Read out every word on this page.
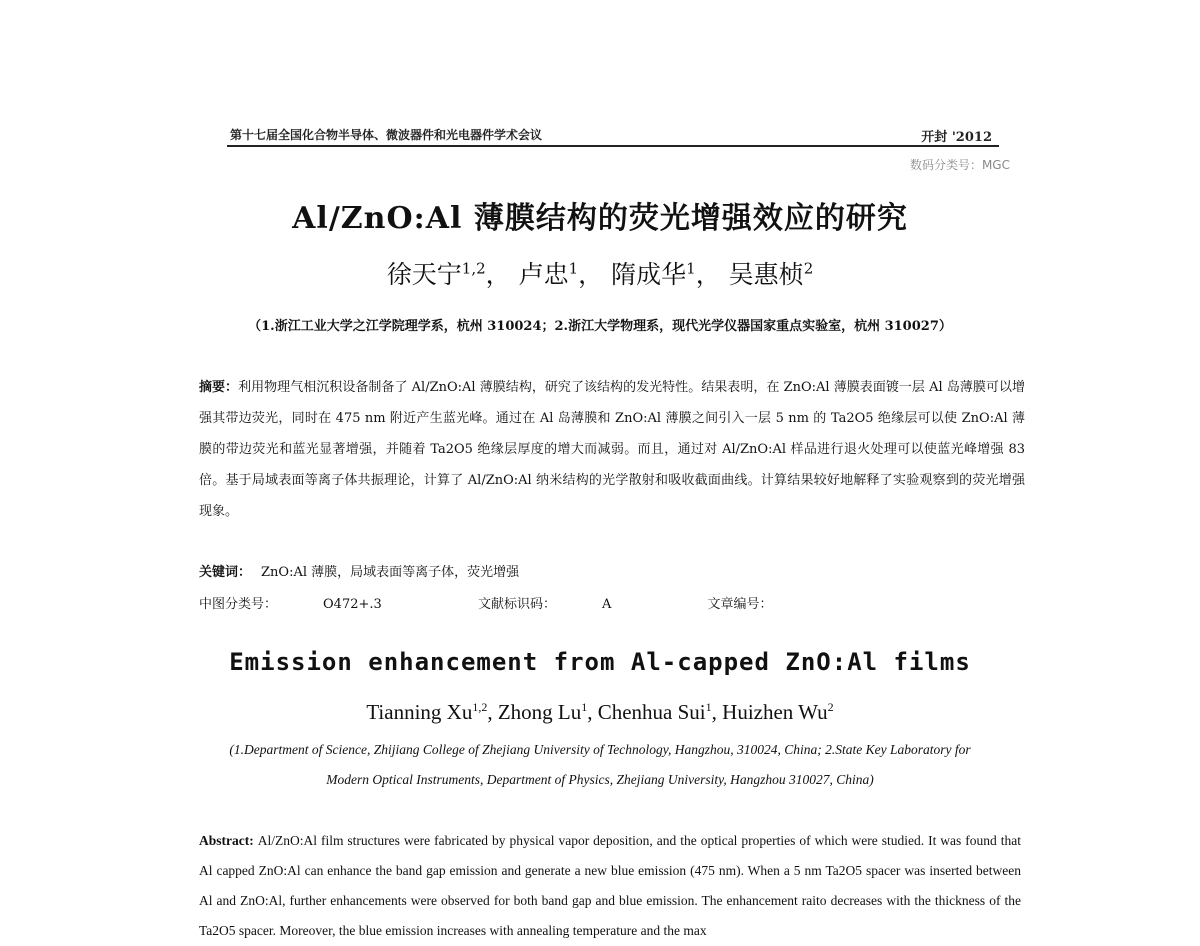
第十七届全国化合物半导体、微波器件和光电器件学术会议	开封 '2012
数码分类号：MGC
Al/ZnO:Al 薄膜结构的荧光增强效应的研究
徐天宁$^{1,2}$， 卢忠$^1$， 隋成华$^1$， 吴惠桢$^2$
（1.浙江工业大学之江学院理学系，杭州 310024；2.浙江大学物理系，现代光学仪器国家重点实验室，杭州 310027）
摘要：利用物理气相沉积设备制备了 Al/ZnO:Al 薄膜结构，研究了该结构的发光特性。结果表明，在 ZnO:Al 薄膜表面镀一层 Al 岛薄膜可以增强其带边荧光，同时在 475 nm 附近产生蓝光峰。通过在 Al 岛薄膜和 ZnO:Al 薄膜之间引入一层 5 nm 的 Ta2O5 绝缘层可以使 ZnO:Al 薄膜的带边荧光和蓝光显著增强，并随着 Ta2O5 绝缘层厚度的增大而减弱。而且，通过对 Al/ZnO:Al 样品进行退火处理可以使蓝光峰增强 83 倍。基于局域表面等离子体共振理论，计算了 Al/ZnO:Al 纳米结构的光学散射和吸收截面曲线。计算结果较好地解释了实验观察到的荧光增强现象。
关键词： ZnO:Al 薄膜，局域表面等离子体，荧光增强
中图分类号：	O472+.3	文献标识码：	A	文章编号：
Emission enhancement from Al-capped ZnO:Al films
Tianning Xu$^{1,2}$, Zhong Lu$^1$, Chenhua Sui$^1$, Huizhen Wu$^2$
(1.Department of Science, Zhijiang College of Zhejiang University of Technology, Hangzhou, 310024, China; 2.State Key Laboratory for
Modern Optical Instruments, Department of Physics, Zhejiang University, Hangzhou 310027, China)
Abstract: Al/ZnO:Al film structures were fabricated by physical vapor deposition, and the optical properties of which were studied. It was found that Al capped ZnO:Al can enhance the band gap emission and generate a new blue emission (475 nm). When a 5 nm Ta2O5 spacer was inserted between Al and ZnO:Al, further enhancements were observed for both band gap and blue emission. The enhancement raito decreases with the thickness of the Ta2O5 spacer. Moreover, the blue emission increases with annealing temperature and the max
